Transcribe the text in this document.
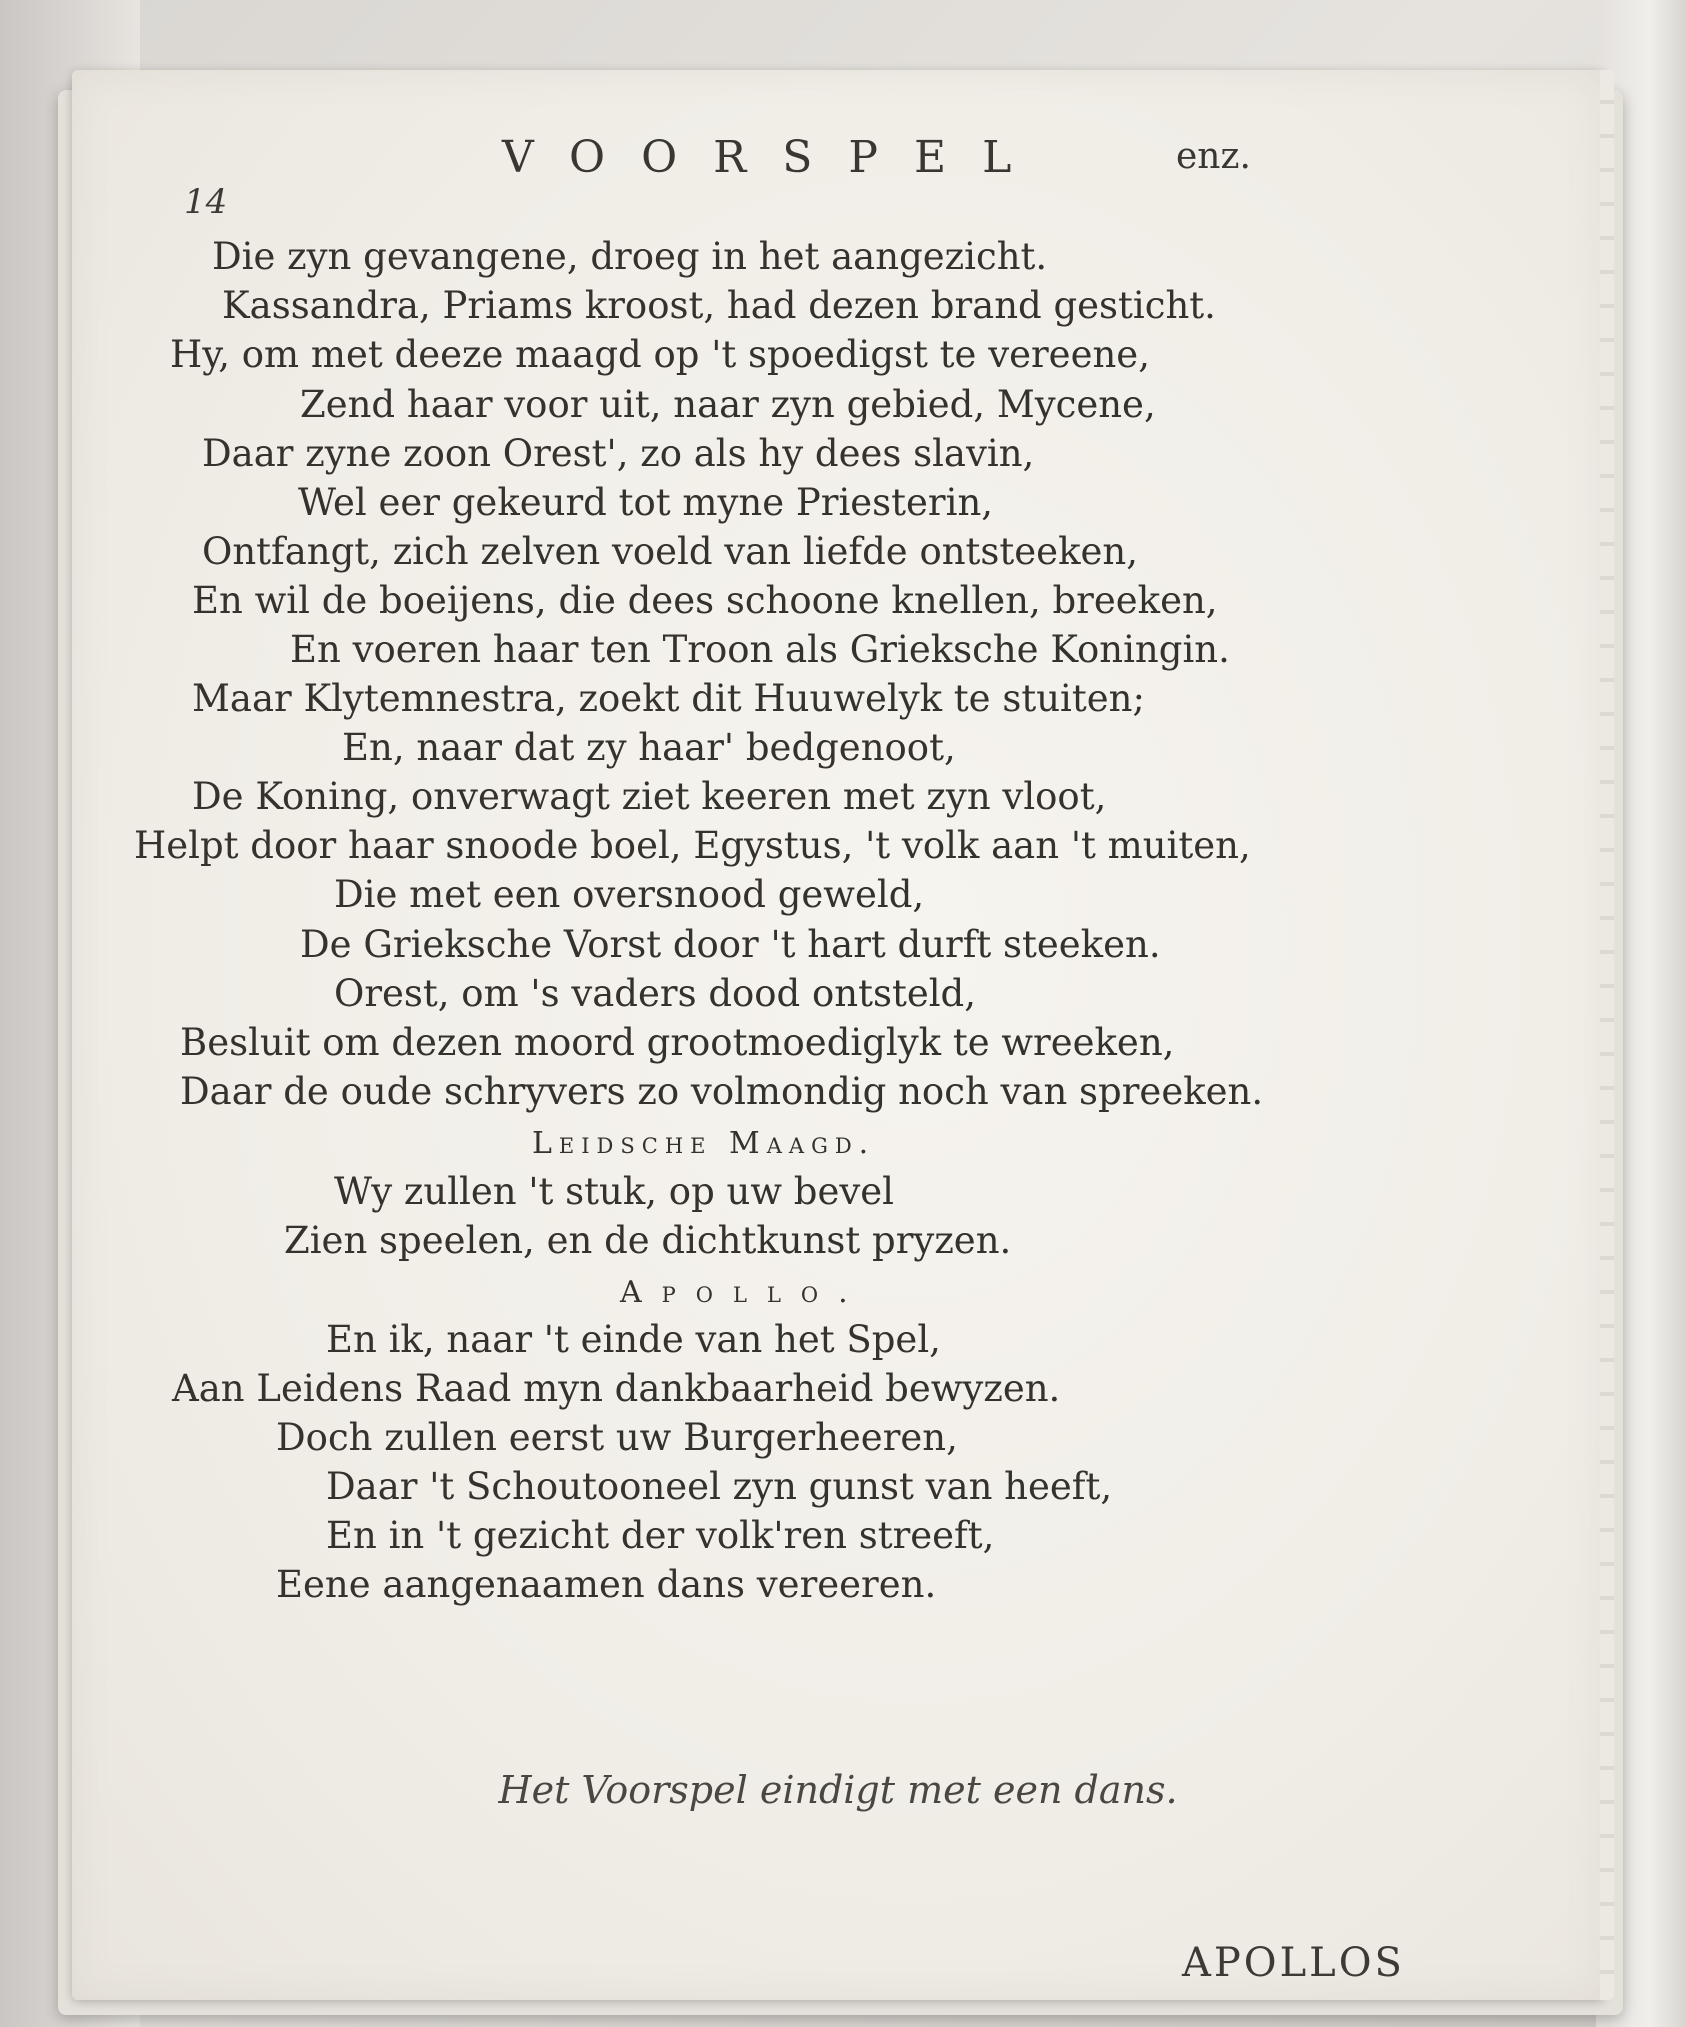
14
VOORSPEL	enz.
Die zyn gevangene, droeg in het aangezicht.
Kassandra, Priams kroost, had dezen brand gesticht.
Hy, om met deeze maagd op 't spoedigst te vereene,
Zend haar voor uit, naar zyn gebied, Mycene,
Daar zyne zoon Orest', zo als hy dees slavin,
Wel eer gekeurd tot myne Priesterin,
Ontfangt, zich zelven voeld van liefde ontsteeken,
En wil de boeijens, die dees schoone knellen, breeken,
En voeren haar ten Troon als Grieksche Koningin.
Maar Klytemnestra, zoekt dit Huuwelyk te stuiten;
En, naar dat zy haar' bedgenoot,
De Koning, onverwagt ziet keeren met zyn vloot,
Helpt door haar snoode boel, Egystus, 't volk aan 't muiten,
Die met een oversnood geweld,
De Grieksche Vorst door 't hart durft steeken.
Orest, om 's vaders dood ontsteld,
Besluit om dezen moord grootmoediglyk te wreeken,
Daar de oude schryvers zo volmondig noch van spreeken.
Leidsche Maagd.
Wy zullen 't stuk, op uw bevel
Zien speelen, en de dichtkunst pryzen.
Apollo.
En ik, naar 't einde van het Spel,
Aan Leidens Raad myn dankbaarheid bewyzen.
Doch zullen eerst uw Burgerheeren,
Daar 't Schoutooneel zyn gunst van heeft,
En in 't gezicht der volk'ren streeft,
Eene aangenaamen dans vereeren.
Het Voorspel eindigt met een dans.
APOLLOS
